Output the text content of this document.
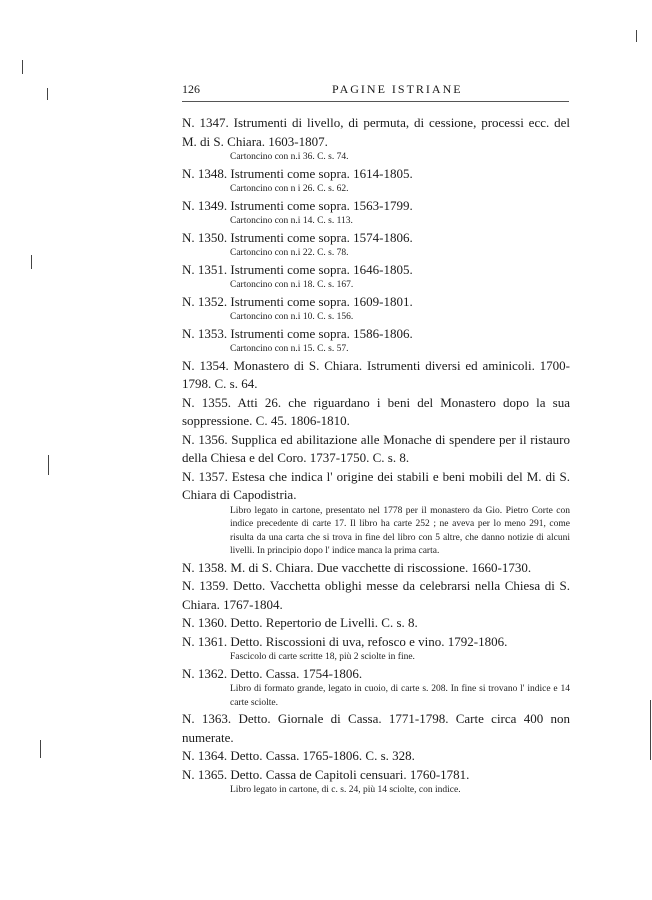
126	PAGINE ISTRIANE
N. 1347. Istrumenti di livello, di permuta, di cessione, processi ecc. del M. di S. Chiara. 1603-1807.
Cartoncino con n.i 36. C. s. 74.
N. 1348. Istrumenti come sopra. 1614-1805.
Cartoncino con n i 26. C. s. 62.
N. 1349. Istrumenti come sopra. 1563-1799.
Cartoncino con n.i 14. C. s. 113.
N. 1350. Istrumenti come sopra. 1574-1806.
Cartoncino con n.i 22. C. s. 78.
N. 1351. Istrumenti come sopra. 1646-1805.
Cartoncino con n.i 18. C. s. 167.
N. 1352. Istrumenti come sopra. 1609-1801.
Cartoncino con n.i 10. C. s. 156.
N. 1353. Istrumenti come sopra. 1586-1806.
Cartoncino con n.i 15. C. s. 57.
N. 1354. Monastero di S. Chiara. Istrumenti diversi ed aminicoli. 1700-1798. C. s. 64.
N. 1355. Atti 26. che riguardano i beni del Monastero dopo la sua soppressione. C. 45. 1806-1810.
N. 1356. Supplica ed abilitazione alle Monache di spendere per il ristauro della Chiesa e del Coro. 1737-1750. C. s. 8.
N. 1357. Estesa che indica l' origine dei stabili e beni mobili del M. di S. Chiara di Capodistria.
Libro legato in cartone, presentato nel 1778 per il monastero da Gio. Pietro Corte con indice precedente di carte 17. Il libro ha carte 252 ; ne aveva per lo meno 291, come risulta da una carta che si trova in fine del libro con 5 altre, che danno notizie di alcuni livelli. In principio dopo l' indice manca la prima carta.
N. 1358. M. di S. Chiara. Due vacchette di riscossione. 1660-1730.
N. 1359. Detto. Vacchetta oblighi messe da celebrarsi nella Chiesa di S. Chiara. 1767-1804.
N. 1360. Detto. Repertorio de Livelli. C. s. 8.
N. 1361. Detto. Riscossioni di uva, refosco e vino. 1792-1806.
Fascicolo di carte scritte 18, più 2 sciolte in fine.
N. 1362. Detto. Cassa. 1754-1806.
Libro di formato grande, legato in cuoio, di carte s. 208. In fine si trovano l' indice e 14 carte sciolte.
N. 1363. Detto. Giornale di Cassa. 1771-1798. Carte circa 400 non numerate.
N. 1364. Detto. Cassa. 1765-1806. C. s. 328.
N. 1365. Detto. Cassa de Capitoli censuari. 1760-1781.
Libro legato in cartone, di c. s. 24, più 14 sciolte, con indice.
